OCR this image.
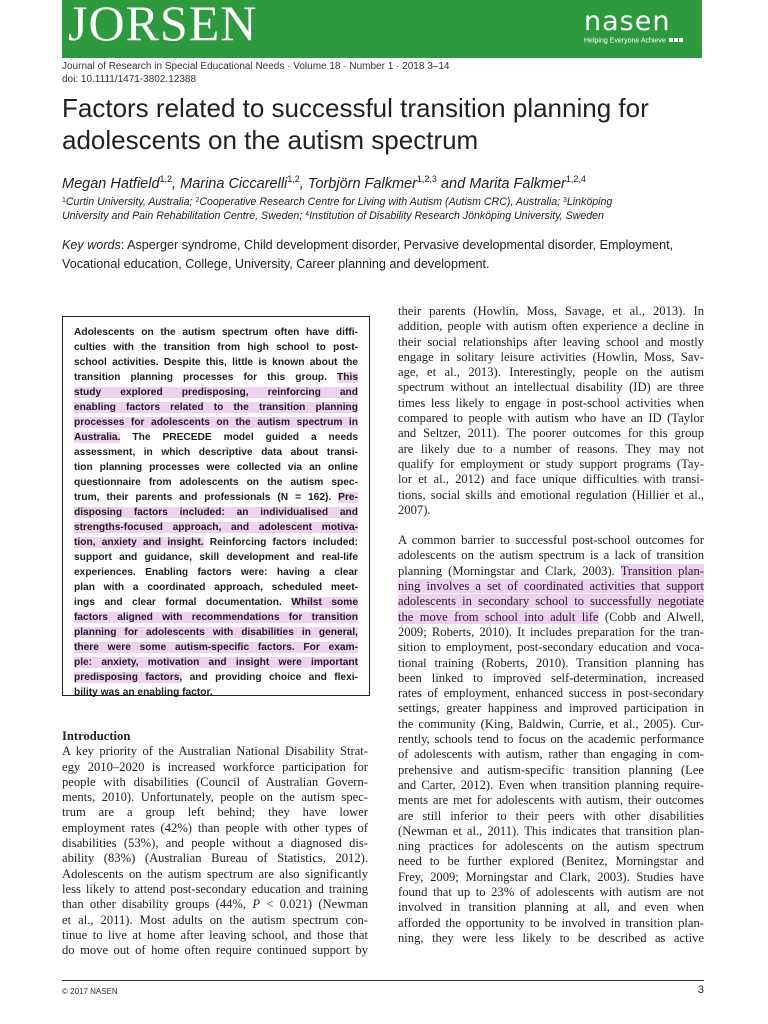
JORSEN	nasen
Helping Everyone Achieve
Journal of Research in Special Educational Needs · Volume 18 · Number 1 · 2018 3–14
doi: 10.1111/1471-3802.12388
Factors related to successful transition planning for
adolescents on the autism spectrum
Megan Hatfield$^{1,2}$, Marina Ciccarelli$^{1,2}$, Torbjörn Falkmer$^{1,2,3}$ and Marita Falkmer$^{1,2,4}$
$^1$Curtin University, Australia; $^2$Cooperative Research Centre for Living with Autism (Autism CRC), Australia; $^3$Linköping
University and Pain Rehabilitation Centre, Sweden; $^4$Institution of Disability Research Jönköping University, Sweden
Key words: Asperger syndrome, Child development disorder, Pervasive developmental disorder, Employment,
Vocational education, College, University, Career planning and development.
Adolescents on the autism spectrum often have diffi-
culties with the transition from high school to post-
school activities. Despite this, little is known about the
transition planning processes for this group. This
study explored predisposing, reinforcing and
enabling factors related to the transition planning
processes for adolescents on the autism spectrum in
Australia. The PRECEDE model guided a needs
assessment, in which descriptive data about transi-
tion planning processes were collected via an online
questionnaire from adolescents on the autism spec-
trum, their parents and professionals (N = 162). Pre-
disposing factors included: an individualised and
strengths-focused approach, and adolescent motiva-
tion, anxiety and insight. Reinforcing factors included:
support and guidance, skill development and real-life
experiences. Enabling factors were: having a clear
plan with a coordinated approach, scheduled meet-
ings and clear formal documentation. Whilst some
factors aligned with recommendations for transition
planning for adolescents with disabilities in general,
there were some autism-specific factors. For exam-
ple: anxiety, motivation and insight were important
predisposing factors, and providing choice and flexi-
bility was an enabling factor.
Introduction
A key priority of the Australian National Disability Strat-
egy 2010–2020 is increased workforce participation for
people with disabilities (Council of Australian Govern-
ments, 2010). Unfortunately, people on the autism spec-
trum are a group left behind; they have lower
employment rates (42%) than people with other types of
disabilities (53%), and people without a diagnosed dis-
ability (83%) (Australian Bureau of Statistics, 2012).
Adolescents on the autism spectrum are also significantly
less likely to attend post-secondary education and training
than other disability groups (44%, P < 0.021) (Newman
et al., 2011). Most adults on the autism spectrum con-
tinue to live at home after leaving school, and those that
do move out of home often require continued support by
their parents (Howlin, Moss, Savage, et al., 2013). In
addition, people with autism often experience a decline in
their social relationships after leaving school and mostly
engage in solitary leisure activities (Howlin, Moss, Sav-
age, et al., 2013). Interestingly, people on the autism
spectrum without an intellectual disability (ID) are three
times less likely to engage in post-school activities when
compared to people with autism who have an ID (Taylor
and Seltzer, 2011). The poorer outcomes for this group
are likely due to a number of reasons. They may not
qualify for employment or study support programs (Tay-
lor et al., 2012) and face unique difficulties with transi-
tions, social skills and emotional regulation (Hillier et al.,
2007).
A common barrier to successful post-school outcomes for
adolescents on the autism spectrum is a lack of transition
planning (Morningstar and Clark, 2003). Transition plan-
ning involves a set of coordinated activities that support
adolescents in secondary school to successfully negotiate
the move from school into adult life (Cobb and Alwell,
2009; Roberts, 2010). It includes preparation for the tran-
sition to employment, post-secondary education and voca-
tional training (Roberts, 2010). Transition planning has
been linked to improved self-determination, increased
rates of employment, enhanced success in post-secondary
settings, greater happiness and improved participation in
the community (King, Baldwin, Currie, et al., 2005). Cur-
rently, schools tend to focus on the academic performance
of adolescents with autism, rather than engaging in com-
prehensive and autism-specific transition planning (Lee
and Carter, 2012). Even when transition planning require-
ments are met for adolescents with autism, their outcomes
are still inferior to their peers with other disabilities
(Newman et al., 2011). This indicates that transition plan-
ning practices for adolescents on the autism spectrum
need to be further explored (Benitez, Morningstar and
Frey, 2009; Morningstar and Clark, 2003). Studies have
found that up to 23% of adolescents with autism are not
involved in transition planning at all, and even when
afforded the opportunity to be involved in transition plan-
ning, they were less likely to be described as active
© 2017 NASEN	3
